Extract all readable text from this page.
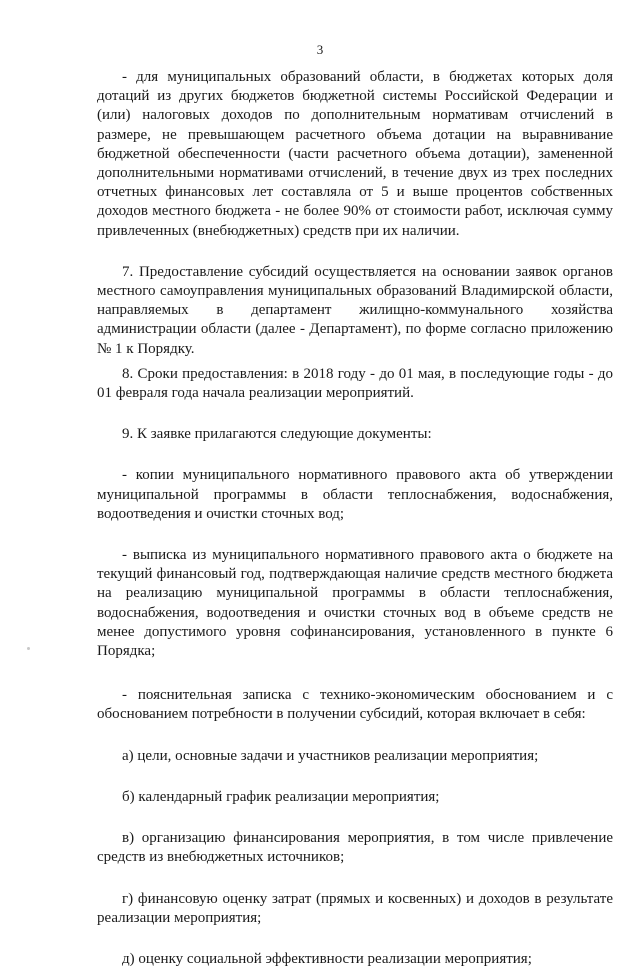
3

- для муниципальных образований области, в бюджетах которых доля дотаций из других бюджетов бюджетной системы Российской Федерации и (или) налоговых доходов по дополнительным нормативам отчислений в размере, не превышающем расчетного объема дотации на выравнивание бюджетной обеспеченности (части расчетного объема дотации), замененной дополнительными нормативами отчислений, в течение двух из трех последних отчетных финансовых лет составляла от 5 и выше процентов собственных доходов местного бюджета - не более 90% от стоимости работ, исключая сумму привлеченных (внебюджетных) средств при их наличии.

7. Предоставление субсидий осуществляется на основании заявок органов местного самоуправления муниципальных образований Владимирской области, направляемых в департамент жилищно-коммунального хозяйства администрации области (далее - Департамент), по форме согласно приложению № 1 к Порядку.

8. Сроки предоставления: в 2018 году - до 01 мая, в последующие годы - до 01 февраля года начала реализации мероприятий.

9. К заявке прилагаются следующие документы:

- копии муниципального нормативного правового акта об утверждении муниципальной программы в области теплоснабжения, водоснабжения, водоотведения и очистки сточных вод;

- выписка из муниципального нормативного правового акта о бюджете на текущий финансовый год, подтверждающая наличие средств местного бюджета на реализацию муниципальной программы в области теплоснабжения, водоснабжения, водоотведения и очистки сточных вод в объеме средств не менее допустимого уровня софинансирования, установленного в пункте 6 Порядка;

- пояснительная записка с технико-экономическим обоснованием и с обоснованием потребности в получении субсидий, которая включает в себя:

а) цели, основные задачи и участников реализации мероприятия;

б) календарный график реализации мероприятия;

в) организацию финансирования мероприятия, в том числе привлечение средств из внебюджетных источников;

г) финансовую оценку затрат (прямых и косвенных) и доходов в результате реализации мероприятия;

д) оценку социальной эффективности реализации мероприятия;
